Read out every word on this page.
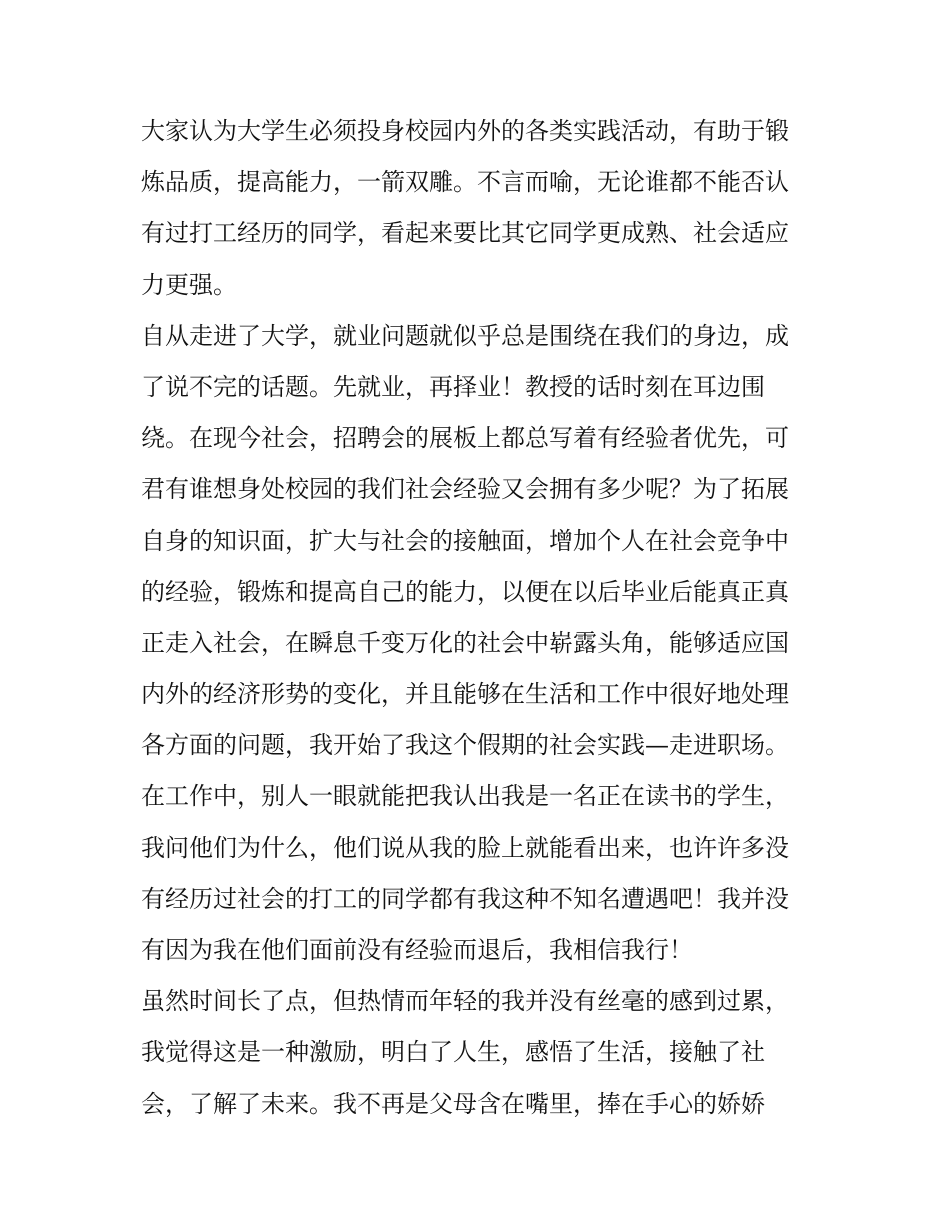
大家认为大学生必须投身校园内外的各类实践活动，有助于锻
炼品质，提高能力，一箭双雕。不言而喻，无论谁都不能否认
有过打工经历的同学，看起来要比其它同学更成熟、社会适应
力更强。
自从走进了大学，就业问题就似乎总是围绕在我们的身边，成
了说不完的话题。先就业，再择业！教授的话时刻在耳边围
绕。在现今社会，招聘会的展板上都总写着有经验者优先，可
君有谁想身处校园的我们社会经验又会拥有多少呢？为了拓展
自身的知识面，扩大与社会的接触面，增加个人在社会竞争中
的经验，锻炼和提高自己的能力，以便在以后毕业后能真正真
正走入社会，在瞬息千变万化的社会中崭露头角，能够适应国
内外的经济形势的变化，并且能够在生活和工作中很好地处理
各方面的问题，我开始了我这个假期的社会实践—走进职场。
在工作中，别人一眼就能把我认出我是一名正在读书的学生，
我问他们为什么，他们说从我的脸上就能看出来，也许许多没
有经历过社会的打工的同学都有我这种不知名遭遇吧！我并没
有因为我在他们面前没有经验而退后，我相信我行！
虽然时间长了点，但热情而年轻的我并没有丝毫的感到过累，
我觉得这是一种激励，明白了人生，感悟了生活，接触了社
会，了解了未来。我不再是父母含在嘴里，捧在手心的娇娇
